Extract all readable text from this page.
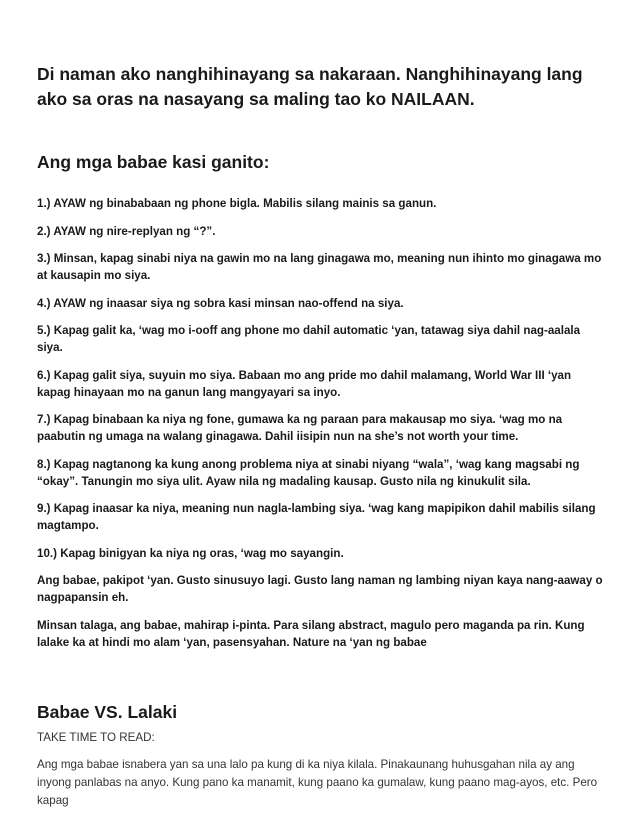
Di naman ako nanghihinayang sa nakaraan. Nanghihinayang lang ako sa oras na nasayang sa maling tao ko NAILAAN.

Ang mga babae kasi ganito:

1.) AYAW ng binababaan ng phone bigla. Mabilis silang mainis sa ganun.

2.) AYAW ng nire-replyan ng “?”.

3.) Minsan, kapag sinabi niya na gawin mo na lang ginagawa mo, meaning nun ihinto mo ginagawa mo at kausapin mo siya.

4.) AYAW ng inaasar siya ng sobra kasi minsan nao-offend na siya.

5.) Kapag galit ka, ‘wag mo i-ooff ang phone mo dahil automatic ‘yan, tatawag siya dahil nag-aalala siya.

6.) Kapag galit siya, suyuin mo siya. Babaan mo ang pride mo dahil malamang, World War III ‘yan kapag hinayaan mo na ganun lang mangyayari sa inyo.

7.) Kapag binabaan ka niya ng fone, gumawa ka ng paraan para makausap mo siya. ‘wag mo na paabutin ng umaga na walang ginagawa. Dahil iisipin nun na she’s not worth your time.

8.) Kapag nagtanong ka kung anong problema niya at sinabi niyang “wala”, ‘wag kang magsabi ng “okay”. Tanungin mo siya ulit. Ayaw nila ng madaling kausap. Gusto nila ng kinukulit sila.

9.) Kapag inaasar ka niya, meaning nun nagla-lambing siya. ‘wag kang mapipikon dahil mabilis silang magtampo.

10.) Kapag binigyan ka niya ng oras, ‘wag mo sayangin.

Ang babae, pakipot ‘yan. Gusto sinusuyo lagi. Gusto lang naman ng lambing niyan kaya nang-aaway o nagpapansin eh.

Minsan talaga, ang babae, mahirap i-pinta. Para silang abstract, magulo pero maganda pa rin. Kung lalake ka at hindi mo alam ‘yan, pasensyahan. Nature na ‘yan ng babae

Babae VS. Lalaki

TAKE TIME TO READ:

Ang mga babae isnabera yan sa una lalo pa kung di ka niya kilala. Pinakaunang huhusgahan nila ay ang inyong panlabas na anyo. Kung pano ka manamit, kung paano ka gumalaw, kung paano mag-ayos, etc. Pero kapag
